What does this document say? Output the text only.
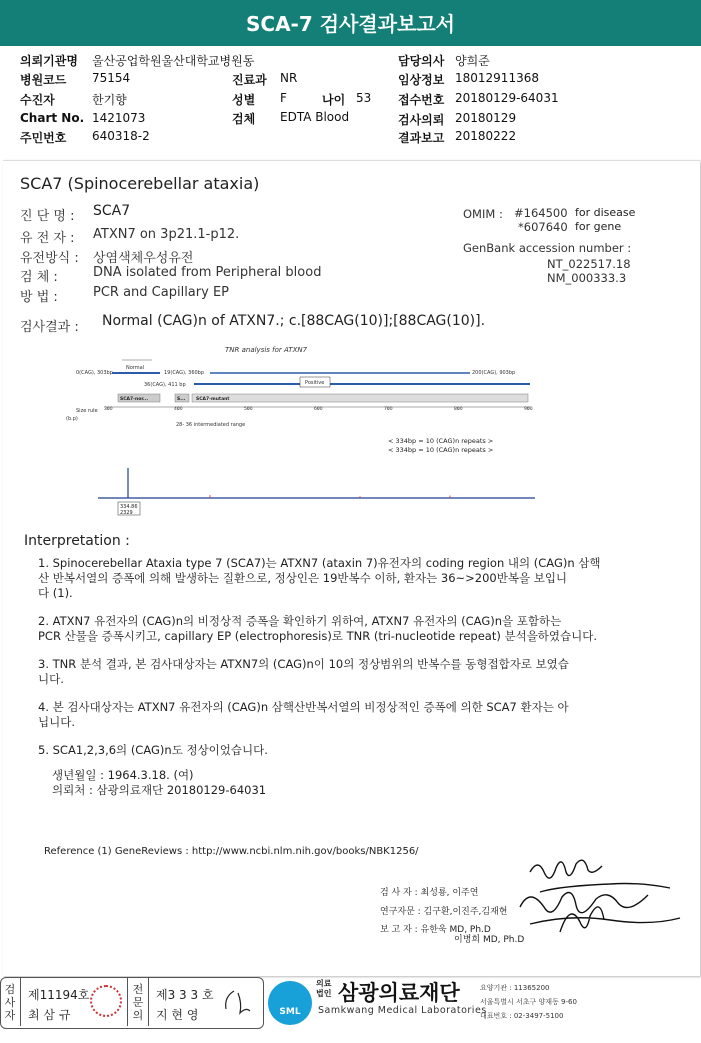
SCA-7 검사결과보고서
의뢰기관명 울산공업학원울산대학교병원동
병원코드 75154	진료과 NR
수진자	한기향	성별 F	나이 53
Chart No. 1421073	검체 EDTA Blood
주민번호 640318-2
담당의사 양희준
임상정보 18012911368
접수번호 20180129-64031
검사의뢰 20180129
결과보고 20180222
SCA7 (Spinocerebellar ataxia)
진 단 명 : SCA7
유 전 자 : ATXN7 on 3p21.1-p12.
유전방식 : 상염색체우성유전
검 체 :	DNA isolated from Peripheral blood
방 법 :	PCR and Capillary EP
OMIM : #164500 for disease
*607640 for gene
GenBank accession number :
NT_022517.18
NM_000333.3
검사결과 : Normal (CAG)n of ATXN7.; c.[88CAG(10)];[88CAG(10)].
TNR analysis for ATXN7
Normal
0(CAG), 303bp	19(CAG), 360bp	200(CAG), 903bp
36(CAG), 411 bp	Positive
SCA7-nor...	S... SCA7-mutant
Size rule
(b.p)
300	400	500	600	700	800	900
28- 36 intermediated range
< 334bp = 10 (CAG)n repeats >
< 334bp = 10 (CAG)n repeats >
334.86
2329
Interpretation :
1. Spinocerebellar Ataxia type 7 (SCA7)는 ATXN7 (ataxin 7)유전자의 coding region 내의 (CAG)n 삼핵
산 반복서열의 증폭에 의해 발생하는 질환으로, 정상인은 19반복수 이하, 환자는 36~>200반복을 보입니
다 (1).
2. ATXN7 유전자의 (CAG)n의 비정상적 증폭을 확인하기 위하여, ATXN7 유전자의 (CAG)n을 포함하는
PCR 산물을 증폭시키고, capillary EP (electrophoresis)로 TNR (tri-nucleotide repeat) 분석을하였습니다.
3. TNR 분석 결과, 본 검사대상자는 ATXN7의 (CAG)n이 10의 정상범위의 반복수를 동형접합자로 보였습
니다.
4. 본 검사대상자는 ATXN7 유전자의 (CAG)n 삼핵산반복서열의 비정상적인 증폭에 의한 SCA7 환자는 아
닙니다.
5. SCA1,2,3,6의 (CAG)n도 정상이었습니다.
생년월일 : 1964.3.18. (여)
의뢰처 : 삼광의료재단 20180129-64031
Reference (1) GeneReviews : http://www.ncbi.nlm.nih.gov/books/NBK1256/
검 사 자 : 최성룡, 이주연
연구자문 : 김구환,이진주,김재현
보 고 자 : 유한욱 MD, Ph.D
이병희 MD, Ph.D
검사자
제11194호
최 삼 규
전문의
제3 3 3 호
지 현 영	SML
의료
법인 삼광의료재단
Samkwang Medical Laboratories
요양기관 : 11365200
서울특별시 서초구 양재동 9-60
대표번호 : 02-3497-5100
